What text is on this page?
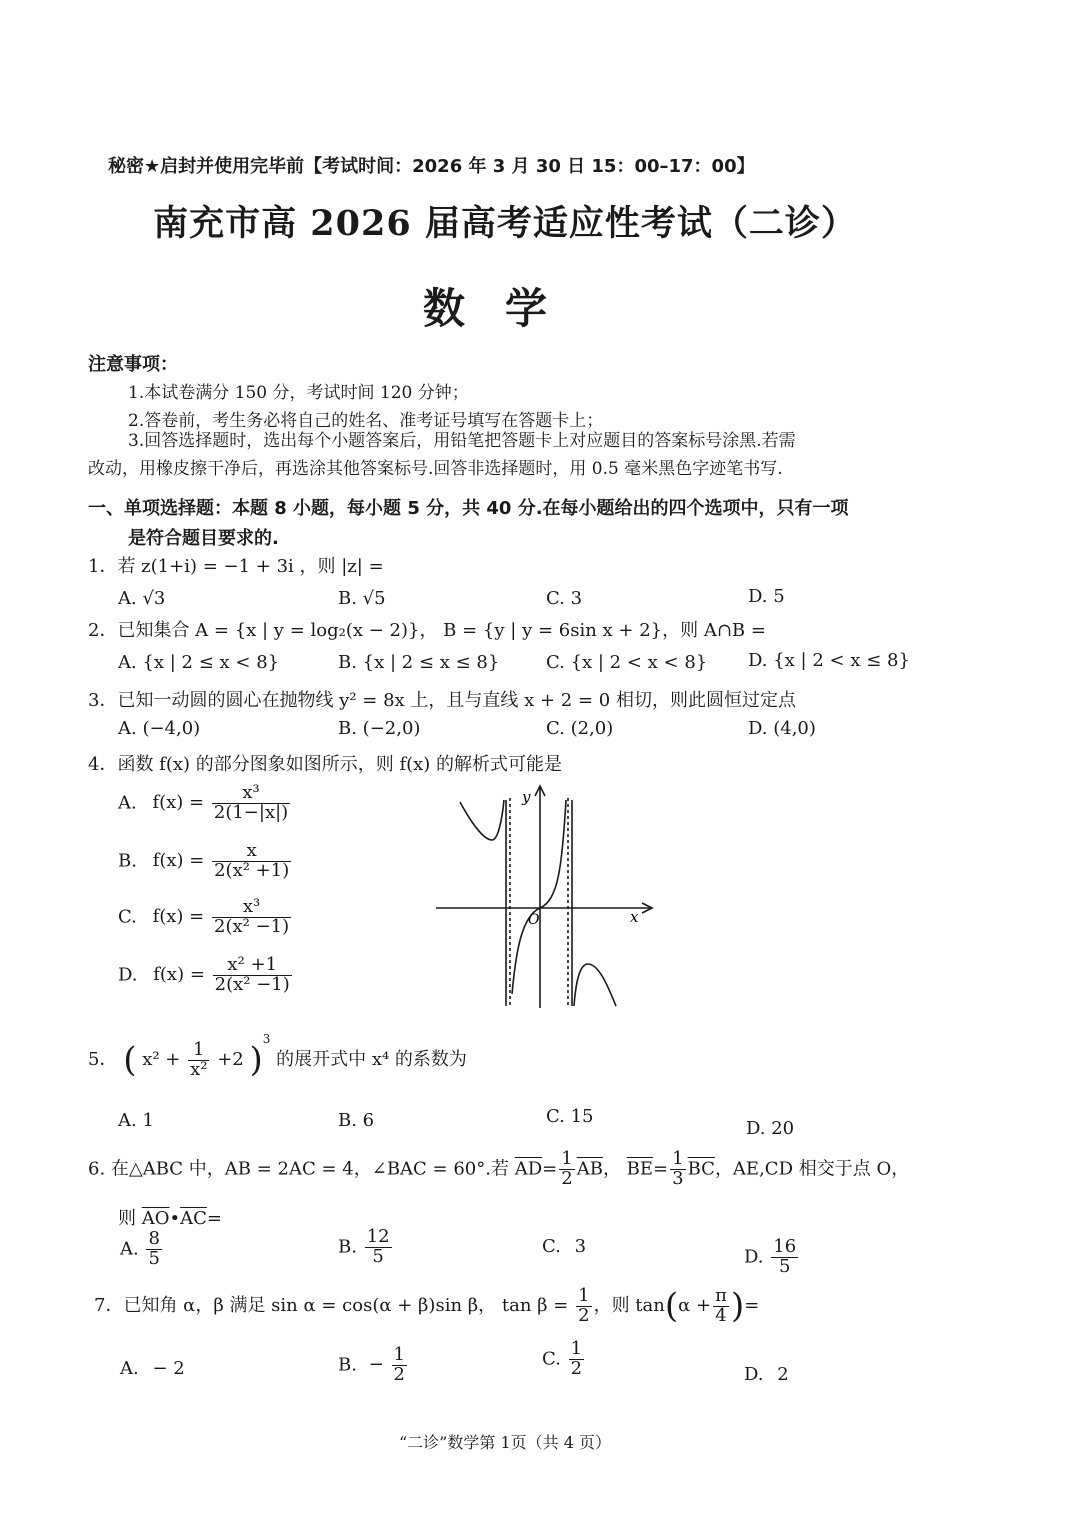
秘密★启封并使用完毕前【考试时间：2026 年 3 月 30 日 15：00–17：00】
南充市高 2026 届高考适应性考试（二诊）
数学
注意事项：
1.本试卷满分 150 分，考试时间 120 分钟；
2.答卷前，考生务必将自己的姓名、准考证号填写在答题卡上；
3.回答选择题时，选出每个小题答案后，用铅笔把答题卡上对应题目的答案标号涂黑.若需
改动，用橡皮擦干净后，再选涂其他答案标号.回答非选择题时，用 0.5 毫米黑色字迹笔书写.
一、单项选择题：本题 8 小题，每小题 5 分，共 40 分.在每小题给出的四个选项中，只有一项
是符合题目要求的.
1．若 z(1+i) = −1 + 3i ，则 |z| =
A. √3	B. √5	C. 3	D. 5
2．已知集合 A = {x | y = log₂(x − 2)}， B = {y | y = 6sin x + 2}，则 A∩B =
A. {x | 2 ≤ x < 8}	B. {x | 2 ≤ x ≤ 8}	C. {x | 2 < x < 8} D. {x | 2 < x ≤ 8}
3．已知一动圆的圆心在抛物线 y² = 8x 上，且与直线 x + 2 = 0 相切，则此圆恒过定点
A. (−4,0)	B. (−2,0)	C. (2,0)	D. (4,0)
4．函数 f(x) 的部分图象如图所示，则 f(x) 的解析式可能是
A. $f(x) = \frac{\text{x³}}{2(1-|x|)}$
B. $f(x) = \frac{x}{\text{2(x² +1)}}$
C. $f(x) = \frac{\text{x³}}{\text{2(x² −1)}}$
D. $f(x) = \frac{\text{x² +1}}{\text{2(x² −1)}}$
y
x
O
5． ( $x^2 + \frac{1}{\text{x²}} +2$ )$^3$ 的展开式中 x⁴ 的系数为
A. 1	B. 6	C. 15
D. 20
6. 在△ABC 中，AB = 2AC = 4，∠BAC = 60°.若 $\overline{AD}= \frac{1}{2} \overline{AB}$， $\overline{BE}= \frac{1}{3} \overline{BC}$，AE,CD 相交于点 O，
则 $\overline{AO}•\overline{AC}=$
A. $\frac{8}{5}$	B. $\frac{12}{5}$	C. 3	D. $\frac{16}{5}$
7．已知角 α，β 满足 sin α = cos(α + β)sin β， $\tan \beta = \frac{1}{2}$ ，则 $\tan(\alpha + \frac{\pi}{4}$ )=
A. − 2	B. − $\frac{1}{2}$	C. $\frac{1}{2}$	D. 2
“二诊”数学第 1页（共 4 页）
